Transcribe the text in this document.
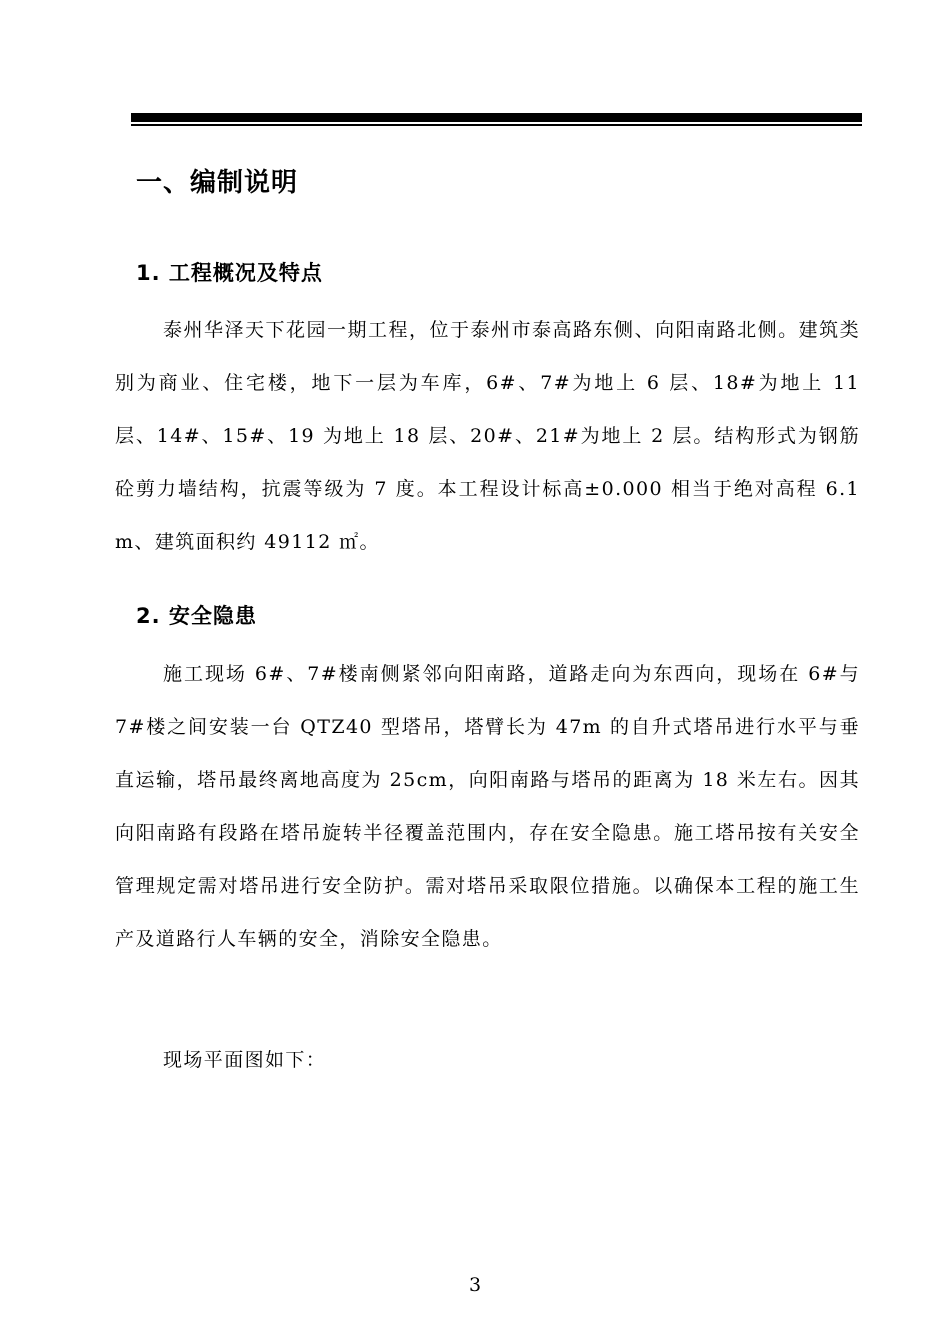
一、编制说明
1. 工程概况及特点

泰州华泽天下花园一期工程，位于泰州市泰高路东侧、向阳南路北侧。建筑类别为商业、住宅楼，地下一层为车库，6#、7#为地上 6 层、18#为地上 11 层、14#、15#、19 为地上 18 层、20#、21#为地上 2 层。结构形式为钢筋砼剪力墙结构，抗震等级为 7 度。本工程设计标高±0.000 相当于绝对高程 6.1m、建筑面积约 49112 ㎡。

2. 安全隐患

施工现场 6#、7#楼南侧紧邻向阳南路，道路走向为东西向，现场在 6#与 7#楼之间安装一台 QTZ40 型塔吊，塔臂长为 47m 的自升式塔吊进行水平与垂直运输，塔吊最终离地高度为 25cm，向阳南路与塔吊的距离为 18 米左右。因其向阳南路有段路在塔吊旋转半径覆盖范围内，存在安全隐患。施工塔吊按有关安全管理规定需对塔吊进行安全防护。需对塔吊采取限位措施。以确保本工程的施工生产及道路行人车辆的安全，消除安全隐患。

现场平面图如下：

3
